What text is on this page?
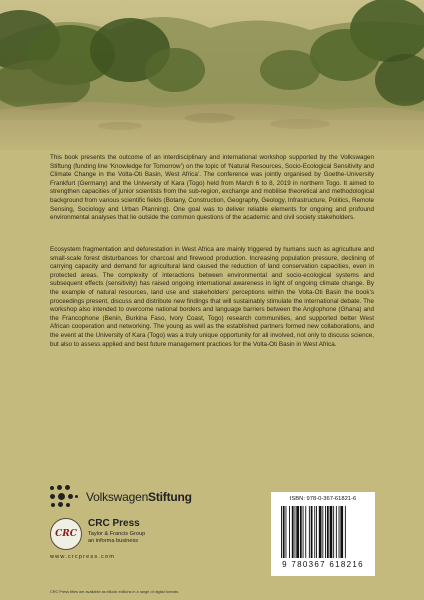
This book presents the outcome of an interdisciplinary and international workshop supported by the Volkswagen Stiftung (funding line ‘Knowledge for Tomorrow’) on the topic of ‘Natural Resources, Socio-Ecological Sensitivity and Climate Change in the Volta-Oti Basin, West Africa’. The conference was jointly organised by Goethe-University Frankfurt (Germany) and the University of Kara (Togo) held from March 6 to 8, 2019 in northern Togo. It aimed to strengthen capacities of junior scientists from the sub-region, exchange and mobilise theoretical and methodological background from various scientific fields (Botany, Construction, Geography, Geology, Infrastructure, Politics, Remote Sensing, Sociology and Urban Planning). One goal was to deliver reliable elements for ongoing and profound environmental analyses that lie outside the common questions of the academic and civil society stakeholders.

Ecosystem fragmentation and deforestation in West Africa are mainly triggered by humans such as agriculture and small-scale forest disturbances for charcoal and firewood production. Increasing population pressure, declining of carrying capacity and demand for agricultural land caused the reduction of land conservation capacities, even in protected areas. The complexity of interactions between environmental and socio-ecological systems and subsequent effects (sensitivity) has raised ongoing international awareness in light of ongoing climate change. By the example of natural resources, land use and stakeholders’ perceptions within the Volta-Oti Basin the book’s proceedings present, discuss and distribute new findings that will sustainably stimulate the international debate. The workshop also intended to overcome national borders and language barriers between the Anglophone (Ghana) and the Francophone (Benin, Burkina Faso, Ivory Coast, Togo) research communities, and supported better West African cooperation and networking. The young as well as the established partners formed new collaborations, and the event at the University of Kara (Togo) was a truly unique opportunity for all involved, not only to discuss science, but also to assess applied and best future management practices for the Volta-Oti Basin in West Africa.

VolkswagenStiftung
CRC
CRC Press
Taylor & Francis Group
an informa business
www.crcpress.com
CRC Press titles are available as eBook editions in a range of digital formats
ISBN: 978-0-367-61821-6
9 780367 618216
